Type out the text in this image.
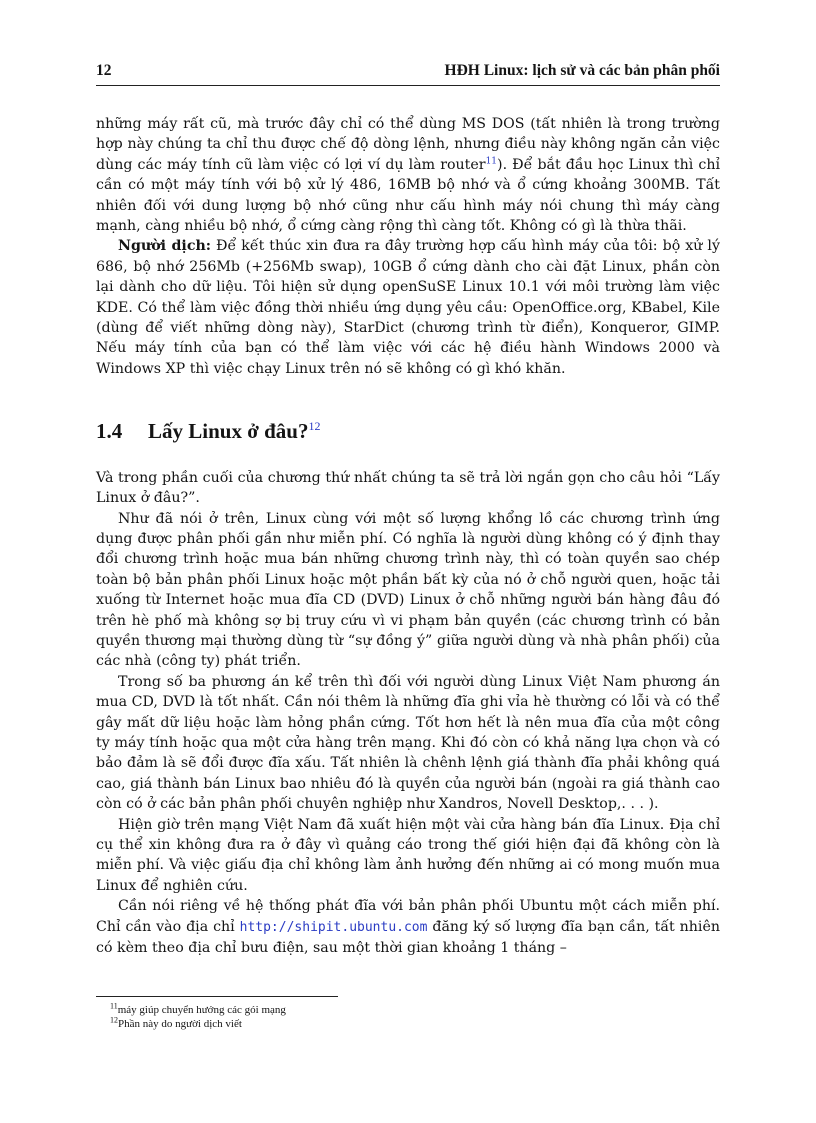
12	HĐH Linux: lịch sử và các bản phân phối

những máy rất cũ, mà trước đây chỉ có thể dùng MS DOS (tất nhiên là trong trường hợp này chúng ta chỉ thu được chế độ dòng lệnh, nhưng điều này không ngăn cản việc dùng các máy tính cũ làm việc có lợi ví dụ làm router$^{11}$). Để bắt đầu học Linux thì chỉ cần có một máy tính với bộ xử lý 486, 16MB bộ nhớ và ổ cứng khoảng 300MB. Tất nhiên đối với dung lượng bộ nhớ cũng như cấu hình máy nói chung thì máy càng mạnh, càng nhiều bộ nhớ, ổ cứng càng rộng thì càng tốt. Không có gì là thừa thãi.

Người dịch: Để kết thúc xin đưa ra đây trường hợp cấu hình máy của tôi: bộ xử lý 686, bộ nhớ 256Mb (+256Mb swap), 10GB ổ cứng dành cho cài đặt Linux, phần còn lại dành cho dữ liệu. Tôi hiện sử dụng openSuSE Linux 10.1 với môi trường làm việc KDE. Có thể làm việc đồng thời nhiều ứng dụng yêu cầu: OpenOffice.org, KBabel, Kile (dùng để viết những dòng này), StarDict (chương trình từ điển), Konqueror, GIMP. Nếu máy tính của bạn có thể làm việc với các hệ điều hành Windows 2000 và Windows XP thì việc chạy Linux trên nó sẽ không có gì khó khăn.

1.4	Lấy Linux ở đâu?$^{12}$

Và trong phần cuối của chương thứ nhất chúng ta sẽ trả lời ngắn gọn cho câu hỏi “Lấy Linux ở đâu?”.

Như đã nói ở trên, Linux cùng với một số lượng khổng lồ các chương trình ứng dụng được phân phối gần như miễn phí. Có nghĩa là người dùng không có ý định thay đổi chương trình hoặc mua bán những chương trình này, thì có toàn quyền sao chép toàn bộ bản phân phối Linux hoặc một phần bất kỳ của nó ở chỗ người quen, hoặc tải xuống từ Internet hoặc mua đĩa CD (DVD) Linux ở chỗ những người bán hàng đâu đó trên hè phố mà không sợ bị truy cứu vì vi phạm bản quyền (các chương trình có bản quyền thương mại thường dùng từ “sự đồng ý” giữa người dùng và nhà phân phối) của các nhà (công ty) phát triển.

Trong số ba phương án kể trên thì đối với người dùng Linux Việt Nam phương án mua CD, DVD là tốt nhất. Cần nói thêm là những đĩa ghi vỉa hè thường có lỗi và có thể gây mất dữ liệu hoặc làm hỏng phần cứng. Tốt hơn hết là nên mua đĩa của một công ty máy tính hoặc qua một cửa hàng trên mạng. Khi đó còn có khả năng lựa chọn và có bảo đảm là sẽ đổi được đĩa xấu. Tất nhiên là chênh lệnh giá thành đĩa phải không quá cao, giá thành bán Linux bao nhiêu đó là quyền của người bán (ngoài ra giá thành cao còn có ở các bản phân phối chuyên nghiệp như Xandros, Novell Desktop,. . . ).

Hiện giờ trên mạng Việt Nam đã xuất hiện một vài cửa hàng bán đĩa Linux. Địa chỉ cụ thể xin không đưa ra ở đây vì quảng cáo trong thế giới hiện đại đã không còn là miễn phí. Và việc giấu địa chỉ không làm ảnh hưởng đến những ai có mong muốn mua Linux để nghiên cứu.

Cần nói riêng về hệ thống phát đĩa với bản phân phối Ubuntu một cách miễn phí. Chỉ cần vào địa chỉ http://shipit.ubuntu.com đăng ký số lượng đĩa bạn cần, tất nhiên có kèm theo địa chỉ bưu điện, sau một thời gian khoảng 1 tháng –

$^{11}$máy giúp chuyển hướng các gói mạng
$^{12}$Phần này do người dịch viết
